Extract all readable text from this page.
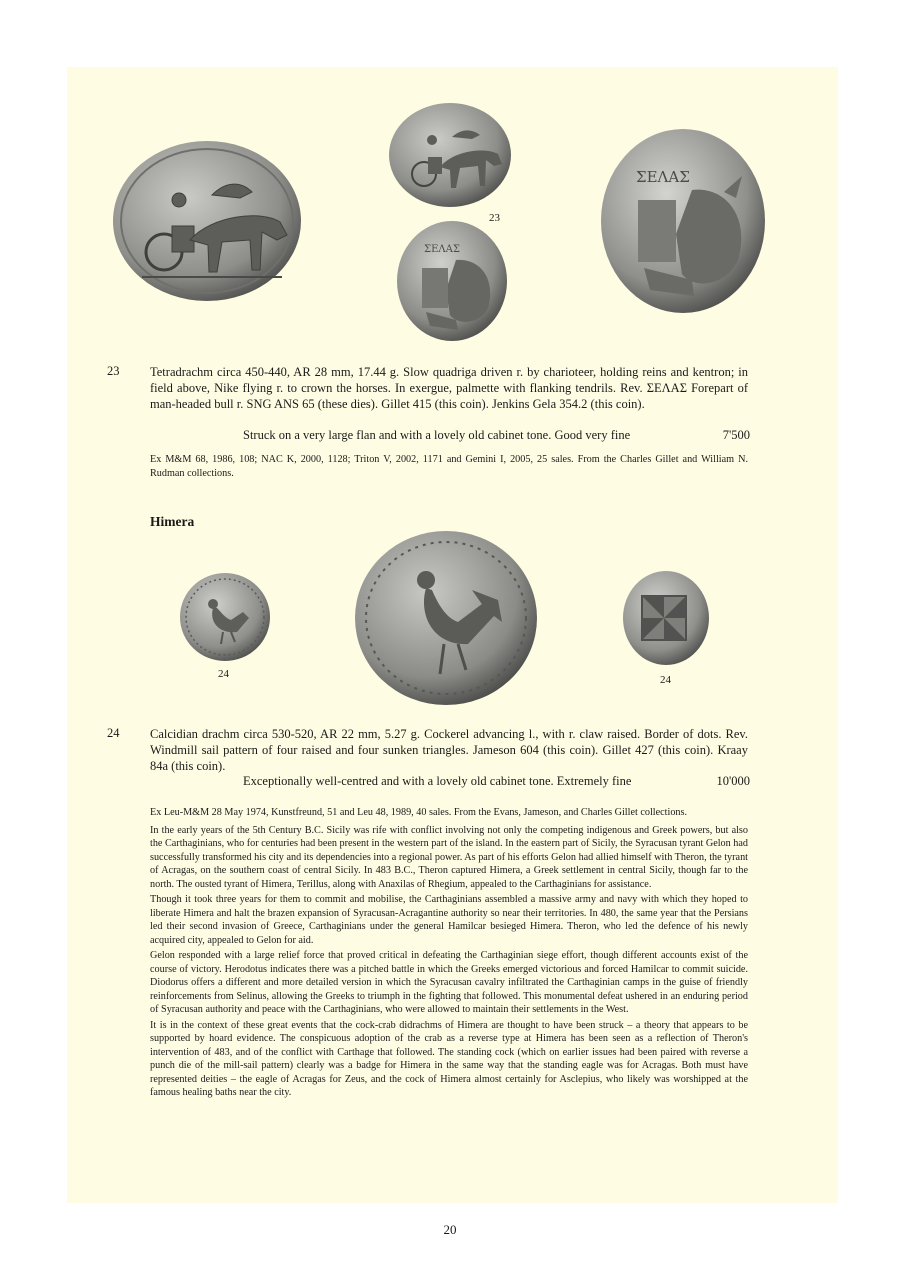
23
ΣΕΛΑΣ
ΣΕΛΑΣ
23 Tetradrachm circa 450-440, AR 28 mm, 17.44 g. Slow quadriga driven r. by charioteer, holding reins and kentron; in field above, Nike flying r. to crown the horses. In exergue, palmette with flanking tendrils. Rev. ΣΕΛΑΣ Forepart of man-headed bull r. SNG ANS 65 (these dies). Gillet 415 (this coin). Jenkins Gela 354.2 (this coin).

Struck on a very large flan and with a lovely old cabinet tone. Good very fine	7'500

Ex M&M 68, 1986, 108; NAC K, 2000, 1128; Triton V, 2002, 1171 and Gemini I, 2005, 25 sales. From the Charles Gillet and William N. Rudman collections.

Himera
24	24
24 Calcidian drachm circa 530-520, AR 22 mm, 5.27 g. Cockerel advancing l., with r. claw raised. Border of dots. Rev. Windmill sail pattern of four raised and four sunken triangles. Jameson 604 (this coin). Gillet 427 (this coin). Kraay 84a (this coin).

Exceptionally well-centred and with a lovely old cabinet tone. Extremely fine	10'000

Ex Leu-M&M 28 May 1974, Kunstfreund, 51 and Leu 48, 1989, 40 sales. From the Evans, Jameson, and Charles Gillet collections.

In the early years of the 5th Century B.C. Sicily was rife with conflict involving not only the competing indigenous and Greek powers, but also the Carthaginians, who for centuries had been present in the western part of the island. In the eastern part of Sicily, the Syracusan tyrant Gelon had successfully transformed his city and its dependencies into a regional power. As part of his efforts Gelon had allied himself with Theron, the tyrant of Acragas, on the southern coast of central Sicily. In 483 B.C., Theron captured Himera, a Greek settlement in central Sicily, though far to the north. The ousted tyrant of Himera, Terillus, along with Anaxilas of Rhegium, appealed to the Carthaginians for assistance.

Though it took three years for them to commit and mobilise, the Carthaginians assembled a massive army and navy with which they hoped to liberate Himera and halt the brazen expansion of Syracusan-Acragantine authority so near their territories. In 480, the same year that the Persians led their second invasion of Greece, Carthaginians under the general Hamilcar besieged Himera. Theron, who led the defence of his newly acquired city, appealed to Gelon for aid.

Gelon responded with a large relief force that proved critical in defeating the Carthaginian siege effort, though different accounts exist of the course of victory. Herodotus indicates there was a pitched battle in which the Greeks emerged victorious and forced Hamilcar to commit suicide. Diodorus offers a different and more detailed version in which the Syracusan cavalry infiltrated the Carthaginian camps in the guise of friendly reinforcements from Selinus, allowing the Greeks to triumph in the fighting that followed. This monumental defeat ushered in an enduring period of Syracusan authority and peace with the Carthaginians, who were allowed to maintain their settlements in the West.

It is in the context of these great events that the cock-crab didrachms of Himera are thought to have been struck – a theory that appears to be supported by hoard evidence. The conspicuous adoption of the crab as a reverse type at Himera has been seen as a reflection of Theron's intervention of 483, and of the conflict with Carthage that followed. The standing cock (which on earlier issues had been paired with reverse a punch die of the mill-sail pattern) clearly was a badge for Himera in the same way that the standing eagle was for Acragas. Both must have represented deities – the eagle of Acragas for Zeus, and the cock of Himera almost certainly for Asclepius, who likely was worshipped at the famous healing baths near the city.

20
